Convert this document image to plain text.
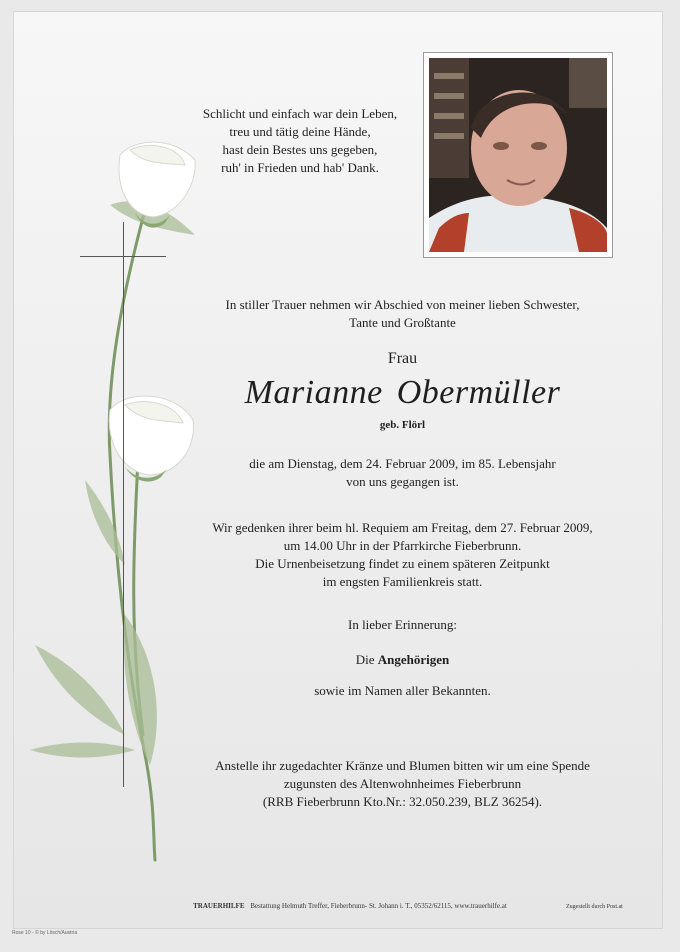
Schlicht und einfach war dein Leben,
treu und tätig deine Hände,
hast dein Bestes uns gegeben,
ruh' in Frieden und hab' Dank.
In stiller Trauer nehmen wir Abschied von meiner lieben Schwester,
Tante und Großtante
Frau
Marianne Obermüller
geb. Flörl
die am Dienstag, dem 24. Februar 2009, im 85. Lebensjahr
von uns gegangen ist.
Wir gedenken ihrer beim hl. Requiem am Freitag, dem 27. Februar 2009,
um 14.00 Uhr in der Pfarrkirche Fieberbrunn.
Die Urnenbeisetzung findet zu einem späteren Zeitpunkt
im engsten Familienkreis statt.
In lieber Erinnerung:
Die Angehörigen
sowie im Namen aller Bekannten.
Anstelle ihr zugedachter Kränze und Blumen bitten wir um eine Spende
zugunsten des Altenwohnheimes Fieberbrunn
(RRB Fieberbrunn Kto.Nr.: 32.050.239, BLZ 36254).
TRAUERHILFE Bestattung Helmuth Treffer, Fieberbrunn- St. Johann i. T., 05352/62115, www.trauerhilfe.at	Zugestellt durch Post.at
Rose 10 - © by Lösch/Austria
